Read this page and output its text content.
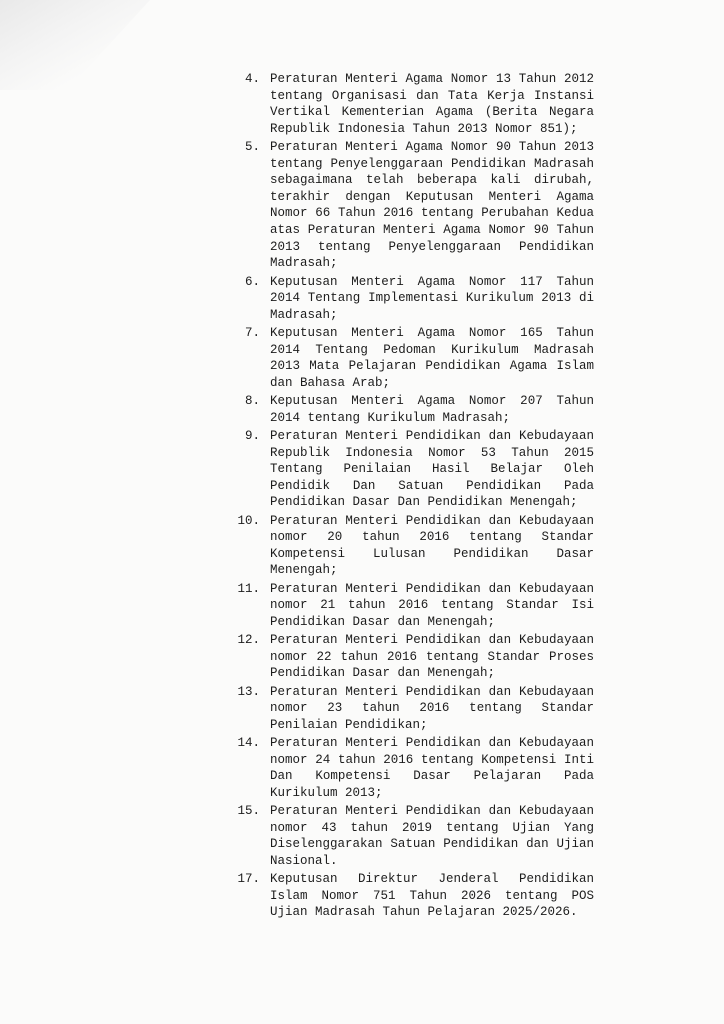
4. Peraturan Menteri Agama Nomor 13 Tahun 2012 tentang Organisasi dan Tata Kerja Instansi Vertikal Kementerian Agama (Berita Negara Republik Indonesia Tahun 2013 Nomor 851);
5. Peraturan Menteri Agama Nomor 90 Tahun 2013 tentang Penyelenggaraan Pendidikan Madrasah sebagaimana telah beberapa kali dirubah, terakhir dengan Keputusan Menteri Agama Nomor 66 Tahun 2016 tentang Perubahan Kedua atas Peraturan Menteri Agama Nomor 90 Tahun 2013 tentang Penyelenggaraan Pendidikan Madrasah;
6. Keputusan Menteri Agama Nomor 117 Tahun 2014 Tentang Implementasi Kurikulum 2013 di Madrasah;
7. Keputusan Menteri Agama Nomor 165 Tahun 2014 Tentang Pedoman Kurikulum Madrasah 2013 Mata Pelajaran Pendidikan Agama Islam dan Bahasa Arab;
8. Keputusan Menteri Agama Nomor 207 Tahun 2014 tentang Kurikulum Madrasah;
9. Peraturan Menteri Pendidikan dan Kebudayaan Republik Indonesia Nomor 53 Tahun 2015 Tentang Penilaian Hasil Belajar Oleh Pendidik Dan Satuan Pendidikan Pada Pendidikan Dasar Dan Pendidikan Menengah;
10. Peraturan Menteri Pendidikan dan Kebudayaan nomor 20 tahun 2016 tentang Standar Kompetensi Lulusan Pendidikan Dasar Menengah;
11. Peraturan Menteri Pendidikan dan Kebudayaan nomor 21 tahun 2016 tentang Standar Isi Pendidikan Dasar dan Menengah;
12. Peraturan Menteri Pendidikan dan Kebudayaan nomor 22 tahun 2016 tentang Standar Proses Pendidikan Dasar dan Menengah;
13. Peraturan Menteri Pendidikan dan Kebudayaan nomor 23 tahun 2016 tentang Standar Penilaian Pendidikan;
14. Peraturan Menteri Pendidikan dan Kebudayaan nomor 24 tahun 2016 tentang Kompetensi Inti Dan Kompetensi Dasar Pelajaran Pada Kurikulum 2013;
15. Peraturan Menteri Pendidikan dan Kebudayaan nomor 43 tahun 2019 tentang Ujian Yang Diselenggarakan Satuan Pendidikan dan Ujian Nasional.
17. Keputusan Direktur Jenderal Pendidikan Islam Nomor 751 Tahun 2026 tentang POS Ujian Madrasah Tahun Pelajaran 2025/2026.
